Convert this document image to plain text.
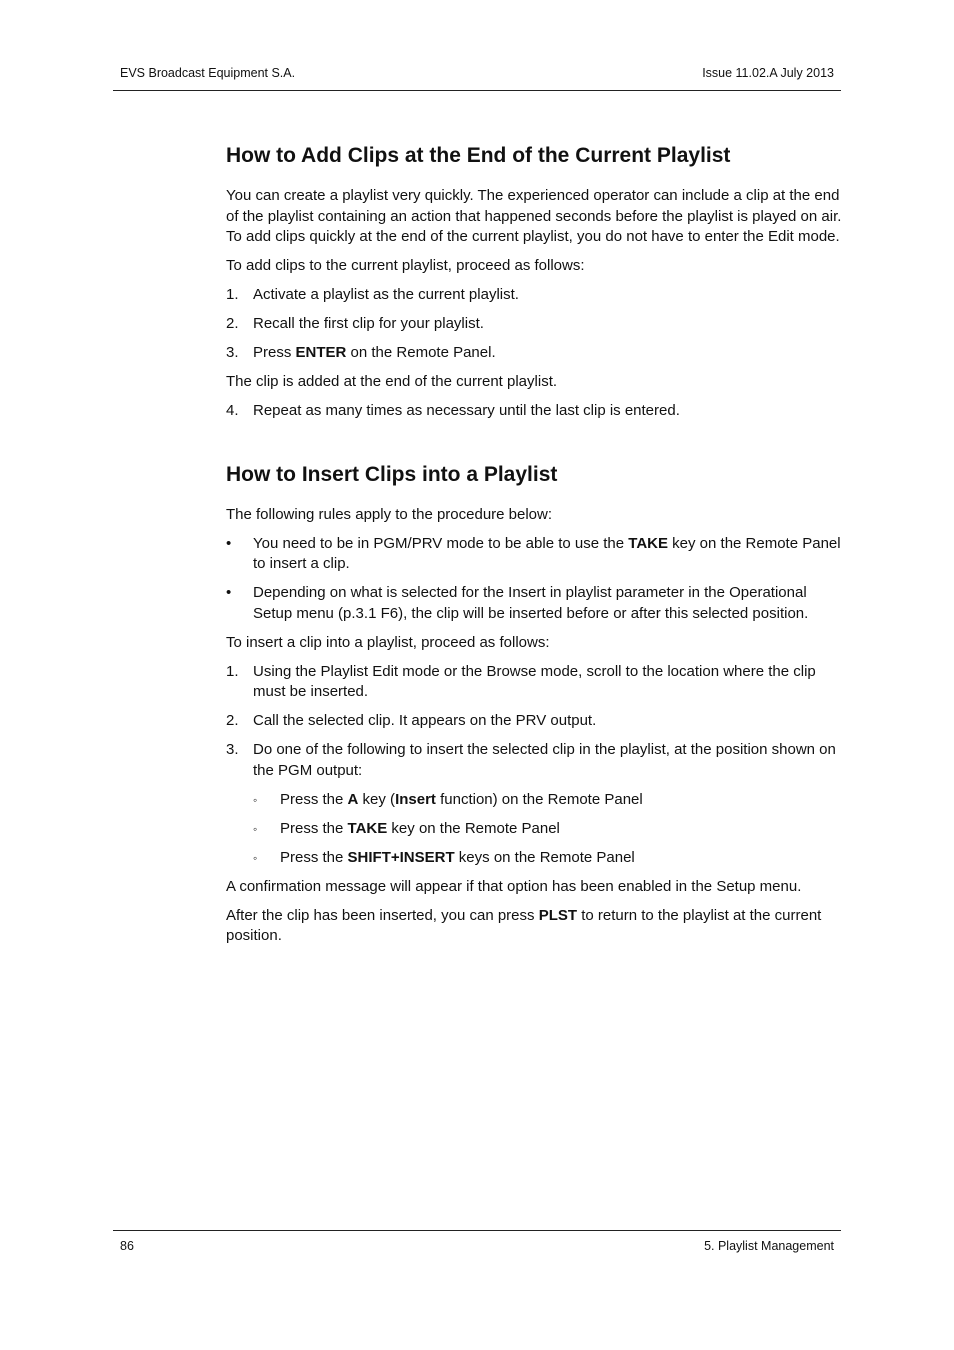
EVS Broadcast Equipment S.A.	Issue 11.02.A July 2013
How to Add Clips at the End of the Current Playlist

You can create a playlist very quickly. The experienced operator can include a clip at the end of the playlist containing an action that happened seconds before the playlist is played on air. To add clips quickly at the end of the current playlist, you do not have to enter the Edit mode.

To add clips to the current playlist, proceed as follows:

1. Activate a playlist as the current playlist.
2. Recall the first clip for your playlist.
3. Press ENTER on the Remote Panel.

The clip is added at the end of the current playlist.

4. Repeat as many times as necessary until the last clip is entered.
How to Insert Clips into a Playlist

The following rules apply to the procedure below:

• You need to be in PGM/PRV mode to be able to use the TAKE key on the Remote Panel to insert a clip.
• Depending on what is selected for the Insert in playlist parameter in the Operational Setup menu (p.3.1 F6), the clip will be inserted before or after this selected position.

To insert a clip into a playlist, proceed as follows:

1. Using the Playlist Edit mode or the Browse mode, scroll to the location where the clip must be inserted.
2. Call the selected clip. It appears on the PRV output.
3. Do one of the following to insert the selected clip in the playlist, at the position shown on the PGM output:
◦ Press the A key (Insert function) on the Remote Panel
◦ Press the TAKE key on the Remote Panel
◦ Press the SHIFT+INSERT keys on the Remote Panel

A confirmation message will appear if that option has been enabled in the Setup menu.

After the clip has been inserted, you can press PLST to return to the playlist at the current position.

86	5. Playlist Management
